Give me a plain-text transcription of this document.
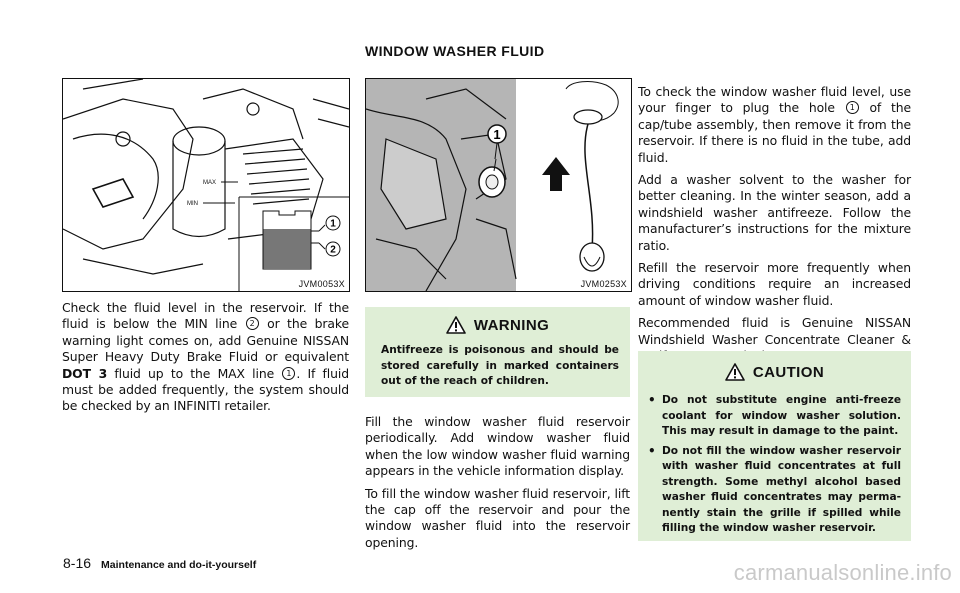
WINDOW WASHER FLUID
MAX
MIN
1
2
JVM0053X

Check the fluid level in the reservoir. If the fluid is below the MIN line 2 or the brake warning light comes on, add Genuine NISSAN Super Heavy Duty Brake Fluid or equivalent DOT 3 fluid up to the MAX line 1 . If fluid must be added frequently, the system should be checked by an INFINITI retailer.

1
JVM0253X
WARNING
Antifreeze is poisonous and should be stored carefully in marked containers out of the reach of children.

Fill the window washer fluid reservoir periodically. Add window washer fluid when the low window washer fluid warning appears in the vehicle information display.

To fill the window washer fluid reservoir, lift the cap off the reservoir and pour the window washer fluid into the reservoir opening.

To check the window washer fluid level, use your finger to plug the hole 1 of the cap/tube assembly, then remove it from the reservoir. If there is no fluid in the tube, add fluid.

Add a washer solvent to the washer for better cleaning. In the winter season, add a windshield washer antifreeze. Follow the manufacturer’s instructions for the mixture ratio.

Refill the reservoir more frequently when driving conditions require an increased amount of window washer fluid.

Recommended fluid is Genuine NISSAN Windshield Washer Concentrate Cleaner &

CAUTION
• Do not substitute engine anti-freeze coolant for window washer solution. This may result in damage to the paint.
• Do not fill the window washer reservoir with washer fluid concentrates at full strength. Some methyl alcohol based washer fluid concentrates may perma- nently stain the grille if spilled while filling the window washer reservoir.
8-16 Maintenance and do-it-yourself	carmanualsonline.info
